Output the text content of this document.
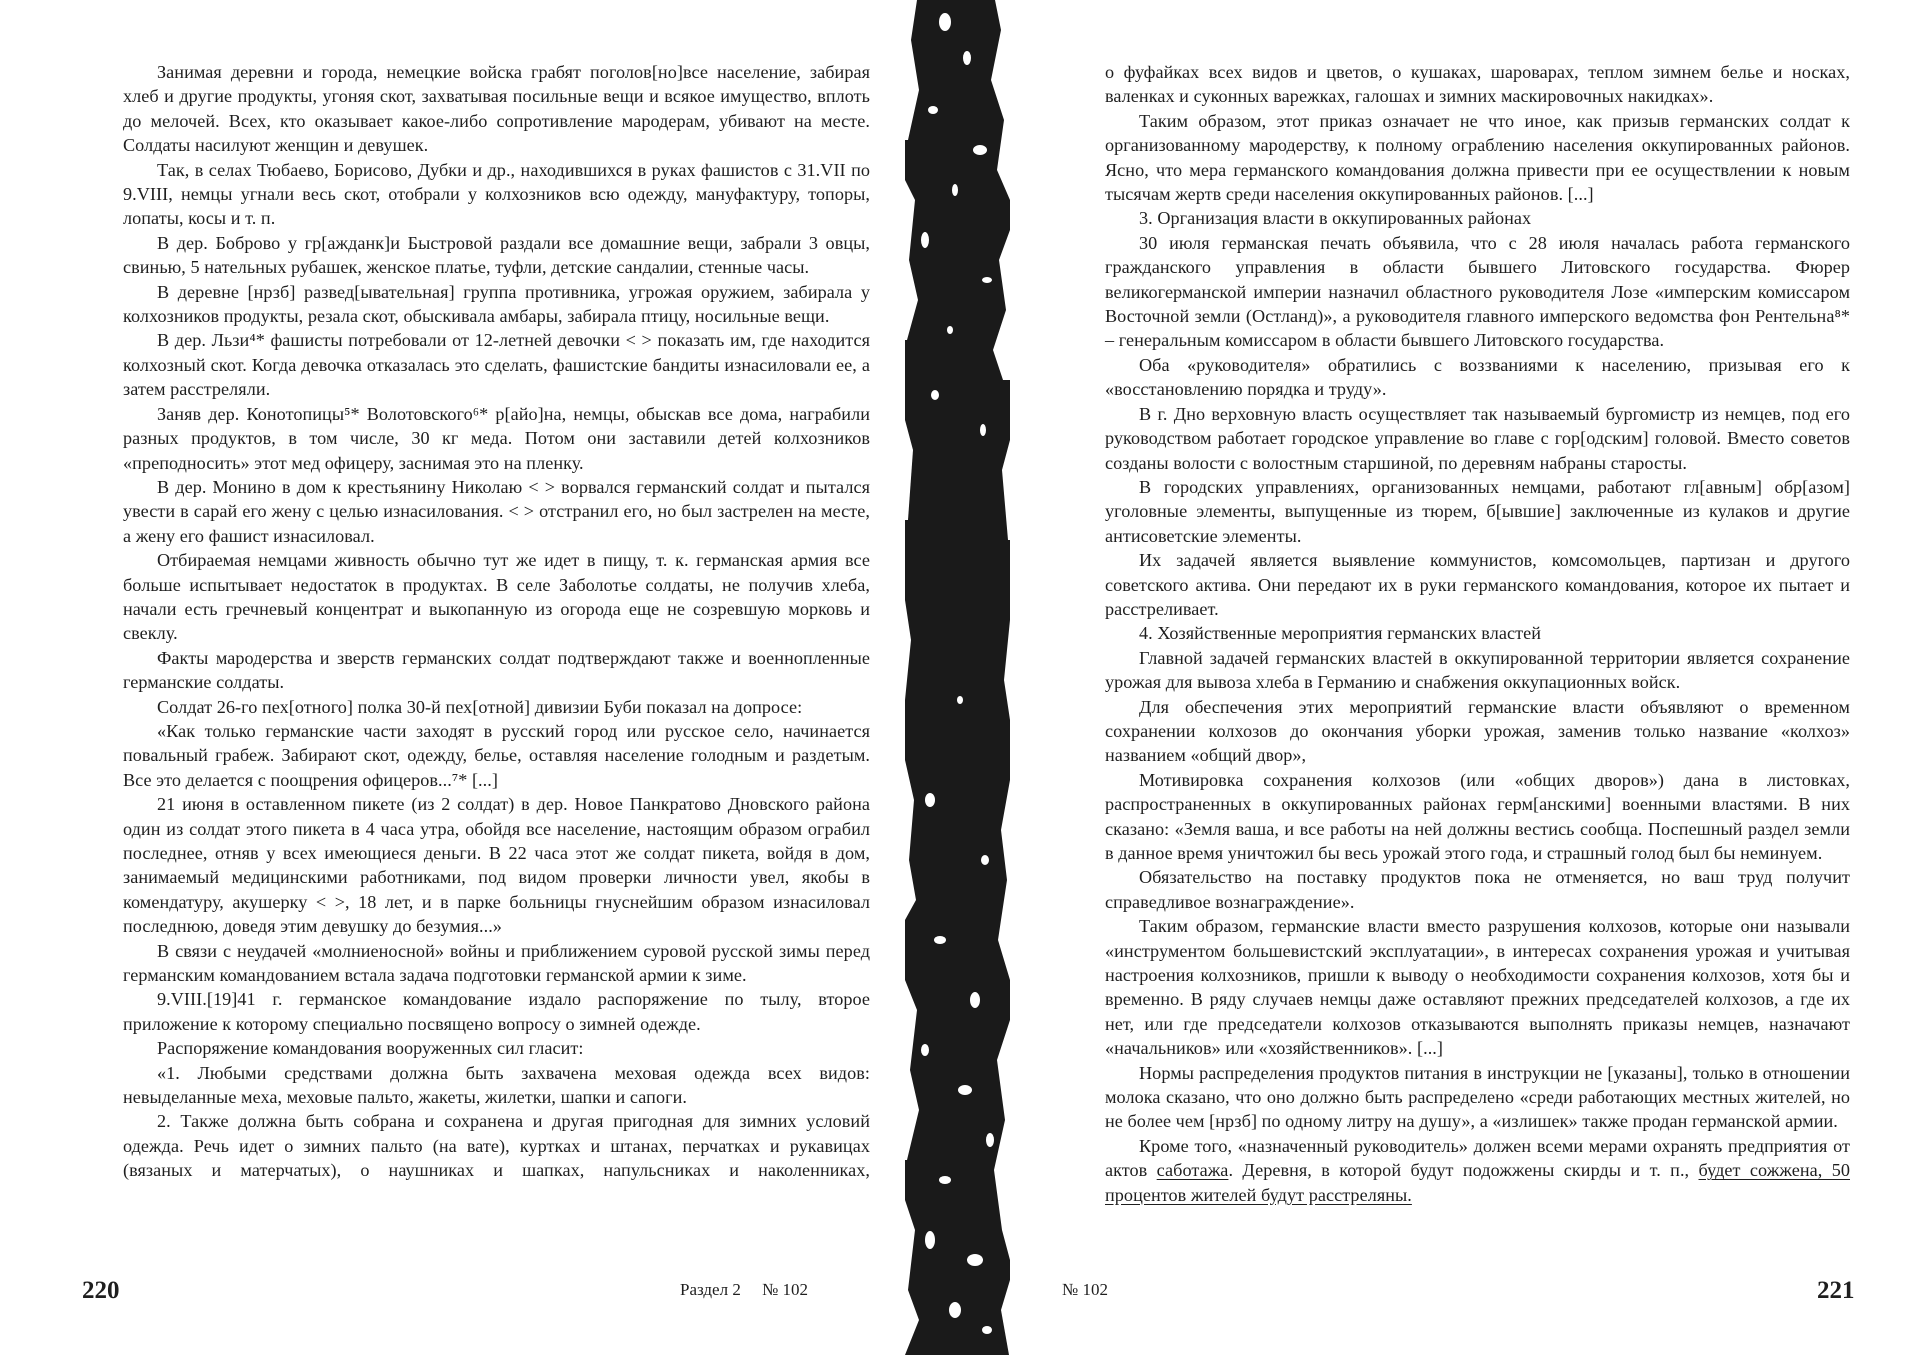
Занимая деревни и города, немецкие войска грабят поголов[но]все население, забирая хлеб и другие продукты, угоняя скот, захватывая посильные вещи и всякое имущество, вплоть до мелочей. Всех, кто оказывает какое-либо сопротивление мародерам, убивают на месте. Солдаты насилуют женщин и девушек.

Так, в селах Тюбаево, Борисово, Дубки и др., находившихся в руках фашистов с 31.VII по 9.VIII, немцы угнали весь скот, отобрали у колхозников всю одежду, мануфактуру, топоры, лопаты, косы и т. п.

В дер. Боброво у гр[ажданк]и Быстровой раздали все домашние вещи, забрали 3 овцы, свинью, 5 нательных рубашек, женское платье, туфли, детские сандалии, стенные часы.

В деревне [нрзб] развед[ывательная] группа противника, угрожая оружием, забирала у колхозников продукты, резала скот, обыскивала амбары, забирала птицу, носильные вещи.

В дер. Льзи⁴* фашисты потребовали от 12-летней девочки < > показать им, где находится колхозный скот. Когда девочка отказалась это сделать, фашистские бандиты изнасиловали ее, а затем расстреляли.

Заняв дер. Конотопицы⁵* Волотовского⁶* р[айо]на, немцы, обыскав все дома, награбили разных продуктов, в том числе, 30 кг меда. Потом они заставили детей колхозников «преподносить» этот мед офицеру, заснимая это на пленку.

В дер. Монино в дом к крестьянину Николаю < > ворвался германский солдат и пытался увести в сарай его жену с целью изнасилования. < > отстранил его, но был застрелен на месте, а жену его фашист изнасиловал.

Отбираемая немцами живность обычно тут же идет в пищу, т. к. германская армия все больше испытывает недостаток в продуктах. В селе Заболотье солдаты, не получив хлеба, начали есть гречневый концентрат и выкопанную из огорода еще не созревшую морковь и свеклу.

Факты мародерства и зверств германских солдат подтверждают также и военнопленные германские солдаты.

Солдат 26-го пех[отного] полка 30-й пех[отной] дивизии Буби показал на допросе:

«Как только германские части заходят в русский город или русское село, начинается повальный грабеж. Забирают скот, одежду, белье, оставляя население голодным и раздетым. Все это делается с поощрения офицеров...⁷* [...]

21 июня в оставленном пикете (из 2 солдат) в дер. Новое Панкратово Дновского района один из солдат этого пикета в 4 часа утра, обойдя все население, настоящим образом ограбил последнее, отняв у всех имеющиеся деньги. В 22 часа этот же солдат пикета, войдя в дом, занимаемый медицинскими работниками, под видом проверки личности увел, якобы в комендатуру, акушерку < >, 18 лет, и в парке больницы гнуснейшим образом изнасиловал последнюю, доведя этим девушку до безумия...»

В связи с неудачей «молниеносной» войны и приближением суровой русской зимы перед германским командованием встала задача подготовки германской армии к зиме.

9.VIII.[19]41 г. германское командование издало распоряжение по тылу, второе приложение к которому специально посвящено вопросу о зимней одежде.

Распоряжение командования вооруженных сил гласит:

«1. Любыми средствами должна быть захвачена меховая одежда всех видов: невыделанные меха, меховые пальто, жакеты, жилетки, шапки и сапоги.

2. Также должна быть собрана и сохранена и другая пригодная для зимних условий одежда. Речь идет о зимних пальто (на вате), куртках и штанах, перчатках и рукавицах (вязаных и матерчатых), о наушниках и шапках, напульсниках и наколенниках,

220	Раздел 2     № 102

о фуфайках всех видов и цветов, о кушаках, шароварах, теплом зимнем белье и носках, валенках и суконных варежках, галошах и зимних маскировочных накидках».

Таким образом, этот приказ означает не что иное, как призыв германских солдат к организованному мародерству, к полному ограблению населения оккупированных районов. Ясно, что мера германского командования должна привести при ее осуществлении к новым тысячам жертв среди населения оккупированных районов. [...]

3. Организация власти в оккупированных районах

30 июля германская печать объявила, что с 28 июля началась работа германского гражданского управления в области бывшего Литовского государства. Фюрер великогерманской империи назначил областного руководителя Лозе «имперским комиссаром Восточной земли (Остланд)», а руководителя главного имперского ведомства фон Рентельна⁸* – генеральным комиссаром в области бывшего Литовского государства.

Оба «руководителя» обратились с воззваниями к населению, призывая его к «восстановлению порядка и труду».

В г. Дно верховную власть осуществляет так называемый бургомистр из немцев, под его руководством работает городское управление во главе с гор[одским] головой. Вместо советов созданы волости с волостным старшиной, по деревням набраны старосты.

В городских управлениях, организованных немцами, работают гл[авным] обр[азом] уголовные элементы, выпущенные из тюрем, б[ывшие] заключенные из кулаков и другие антисоветские элементы.

Их задачей является выявление коммунистов, комсомольцев, партизан и другого советского актива. Они передают их в руки германского командования, которое их пытает и расстреливает.

4. Хозяйственные мероприятия германских властей

Главной задачей германских властей в оккупированной территории является сохранение урожая для вывоза хлеба в Германию и снабжения оккупационных войск.

Для обеспечения этих мероприятий германские власти объявляют о временном сохранении колхозов до окончания уборки урожая, заменив только название «колхоз» названием «общий двор»,

Мотивировка сохранения колхозов (или «общих дворов») дана в листовках, распространенных в оккупированных районах герм[анскими] военными властями. В них сказано: «Земля ваша, и все работы на ней должны вестись сообща. Поспешный раздел земли в данное время уничтожил бы весь урожай этого года, и страшный голод был бы неминуем.

Обязательство на поставку продуктов пока не отменяется, но ваш труд получит справедливое вознаграждение».

Таким образом, германские власти вместо разрушения колхозов, которые они называли «инструментом большевистский эксплуатации», в интересах сохранения урожая и учитывая настроения колхозников, пришли к выводу о необходимости сохранения колхозов, хотя бы и временно. В ряду случаев немцы даже оставляют прежних председателей колхозов, а где их нет, или где председатели колхозов отказываются выполнять приказы немцев, назначают «начальников» или «хозяйственников». [...]

Нормы распределения продуктов питания в инструкции не [указаны], только в отношении молока сказано, что оно должно быть распределено «среди работающих местных жителей, но не более чем [нрзб] по одному литру на душу», а «излишек» также продан германской армии.

Кроме того, «назначенный руководитель» должен всеми мерами охранять предприятия от актов саботажа. Деревня, в которой будут подожжены скирды и т. п., будет сожжена, 50 процентов жителей будут расстреляны.

№ 102	221
